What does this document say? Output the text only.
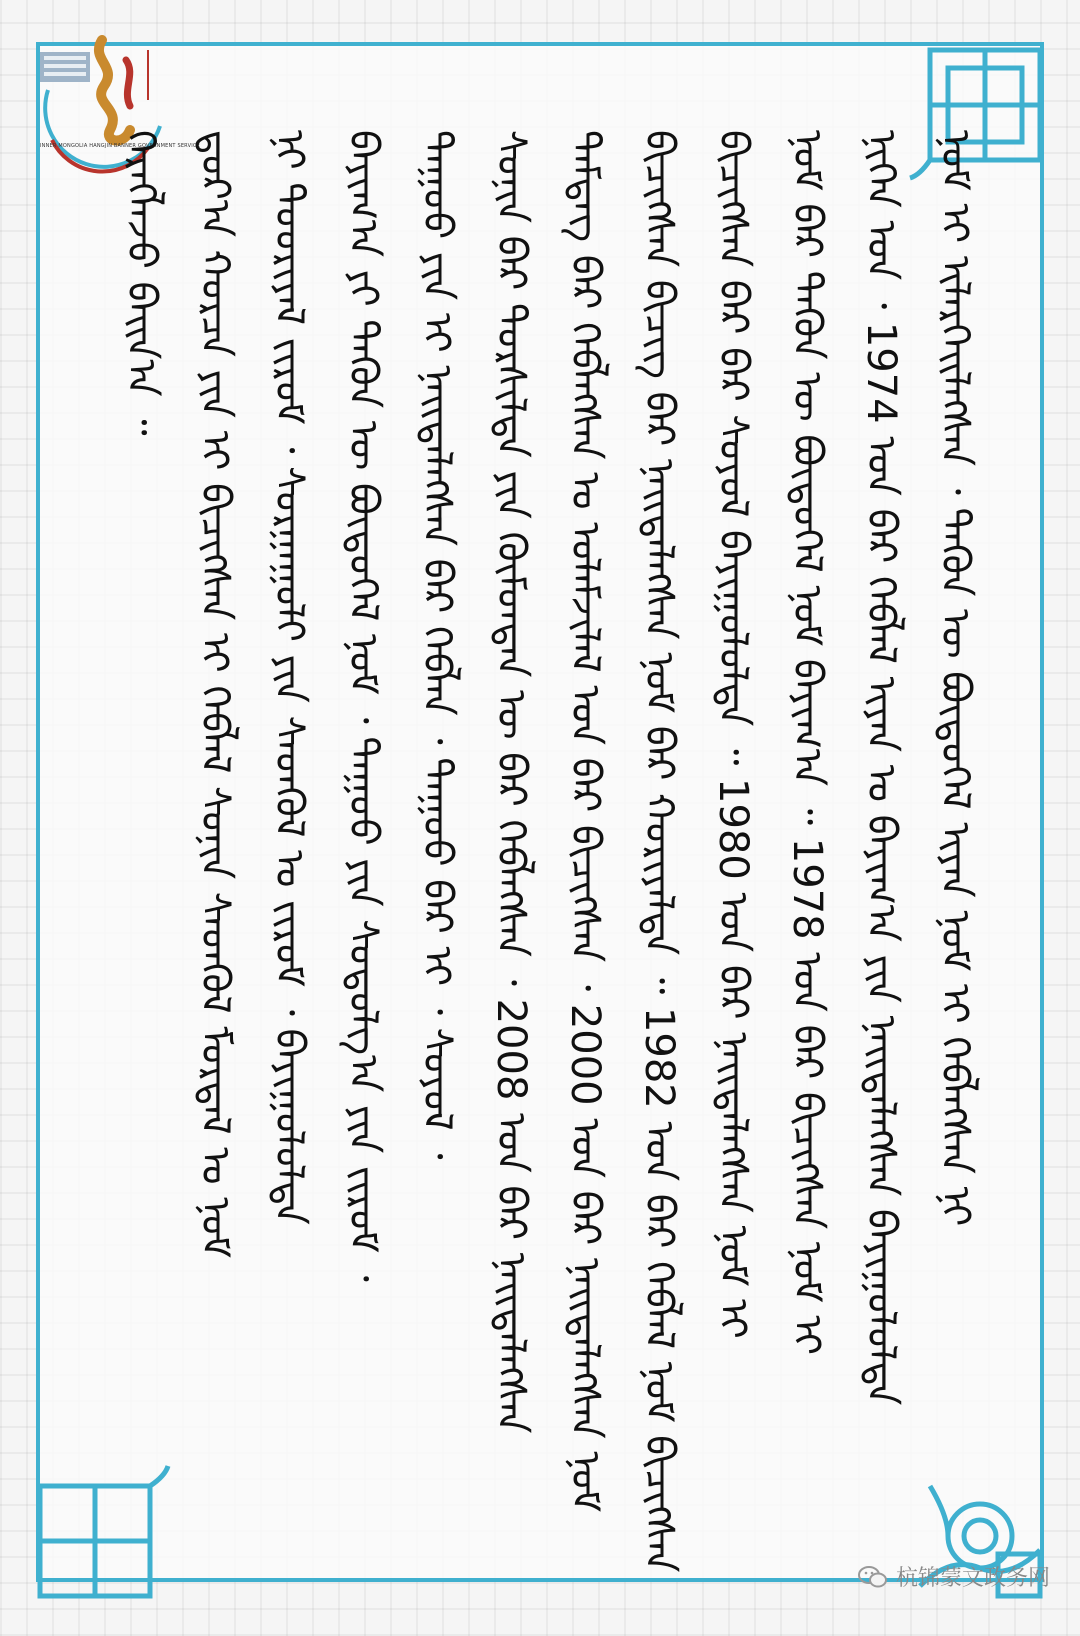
INNER MONGOLIA HANGJIN BANNER GOVERNMENT SERVICE
ᠬᠡᠷᠡᠭᠯᠡᠵᠦ ᠪᠠᠢ᠌ᠨ᠎ᠠ ᠃ ᠳ᠋ᠤᠷ᠎ᠠ ᠬᠤᠷᠴᠠ ᠶᠢᠨ ᠢ ᠪᠢᠴᠢᠭᠰᠡᠨ ᠢ ᠬᠡᠪᠯᠡᠯ ᠰᠣᠨᠢᠨ ᠰᠡᠳᠬᠦᠯ ᠮᠤᠷᠳᠠᠯ ᠤ ᠨᠤᠮ ᠨᠢ ᠳᠤᠤᠷᠢᠶᠠᠯ ᠵᠢᠷᠤᠮ ᠂ ᠰᠤᠷᠭᠠᠭᠤᠯᠢ ᠶᠢᠨ ᠰᠡᠳᠬᠦᠯ ᠤ ᠵᠢᠷᠤᠮ ᠂ ᠪᠠᠶᠢᠭᠤᠯᠤᠯᠲᠠ ᠪᠠᠶᠢᠭ᠎ᠠ ᠶᠢ ᠲᠡᠭᠦᠨ ᠦ ᠪᠦᠲᠦᠭᠡᠯ ᠨᠣᠮ ᠂ ᠳᠠᠭᠤᠤ ᠶᠢᠨ ᠰᠤᠳᠤᠯᠭ᠎ᠠ ᠶᠢᠨ ᠵᠢᠷᠤᠮ ᠂ ᠳᠠᠭᠤᠤ ᠶᠢᠨ ᠢ ᠨᠡᠢᠲᠡᠯᠡᠭᠰᠡᠨ ᠪᠠᠷ ᠬᠡᠪᠯᠡᠨ ᠂ ᠳᠠᠭᠤᠤ ᠪᠠᠷ ᠢ ᠂ ᠰᠣᠶᠤᠯ ᠂ ᠰᠣᠨᠢᠨ ᠪᠠᠷ ᠲᠤᠷᠰᠢᠯᠲᠠ ᠶᠢᠨ ᠬᠦᠮᠦᠨᠲᠡᠨ ᠦ ᠪᠠᠷ ᠬᠡᠪᠯᠡᠭᠰᠡᠨ ᠂ 2008 ᠣᠨ ᠪᠠᠷ ᠨᠡᠢᠲᠡᠯᠡᠭᠰᠡᠨ ᠲᠡᠮᠳᠡᠭ ᠪᠠᠷ ᠬᠡᠪᠯᠡᠭᠰᠡᠨ ᠤ ᠤᠯᠠᠮᠵᠢᠯᠠᠯ ᠤᠨ ᠪᠠᠷ ᠪᠢᠴᠢᠭᠰᠡᠨ ᠂ 2000 ᠣᠨ ᠪᠠᠷ ᠨᠡᠢᠲᠡᠯᠡᠭᠰᠡᠨ ᠨᠣᠮ ᠪᠢᠴᠢᠭᠰᠡᠨ ᠪᠢᠴᠢᠭ᠌ ᠪᠠᠷ ᠨᠡᠢᠲᠡᠯᠡᠭᠰᠡᠨ ᠨᠣᠮ ᠪᠠᠷ ᠬᠤᠷᠢᠶᠠᠯᠲᠠ ᠃ 1982 ᠣᠨ ᠪᠠᠷ ᠬᠡᠪᠯᠡᠯ ᠨᠣᠮ ᠪᠢᠴᠢᠭᠰᠡᠨ ᠪᠢᠴᠢᠭᠰᠡᠨ ᠪᠠᠷ ᠪᠠᠷ ᠰᠣᠶᠤᠯ ᠪᠠᠶᠢᠭᠤᠯᠤᠯᠲᠠ ᠃ 1980 ᠣᠨ ᠪᠠᠷ ᠨᠡᠢᠲᠡᠯᠡᠭᠰᠡᠨ ᠨᠣᠮ ᠢ ᠨᠣᠮ ᠪᠠᠷ ᠲᠡᠭᠦᠨ ᠦ ᠪᠦᠲᠦᠭᠡᠯ ᠨᠣᠮ ᠪᠠᠶᠢᠭ᠎ᠠ ᠃ 1978 ᠣᠨ ᠪᠠᠷ ᠪᠢᠴᠢᠭᠰᠡᠨ ᠨᠣᠮ ᠢ ᠨᠢᠭᠡᠨ ᠣᠨ ᠂ 1974 ᠣᠨ ᠪᠠᠷ ᠬᠡᠪᠯᠡᠯ ᠢᠶᠡᠨ ᠤ ᠪᠠᠶᠢᠭ᠎ᠠ ᠶᠢᠨ ᠨᠡᠢᠲᠡᠯᠡᠭᠰᠡᠨ ᠪᠠᠶᠢᠭᠤᠯᠤᠯᠲᠠ ᠨᠣᠮ ᠢ ᠢᠯᠡᠷᠬᠡᠢᠯᠡᠭᠰᠡᠨ ᠂ ᠲᠡᠭᠦᠨ ᠦ ᠪᠦᠲᠦᠭᠡᠯ ᠢᠶᠡᠨ ᠨᠣᠮ ᠢ ᠬᠡᠪᠯᠡᠭᠰᠡᠨ ᠨᠢ
杭锦蒙文政务网
